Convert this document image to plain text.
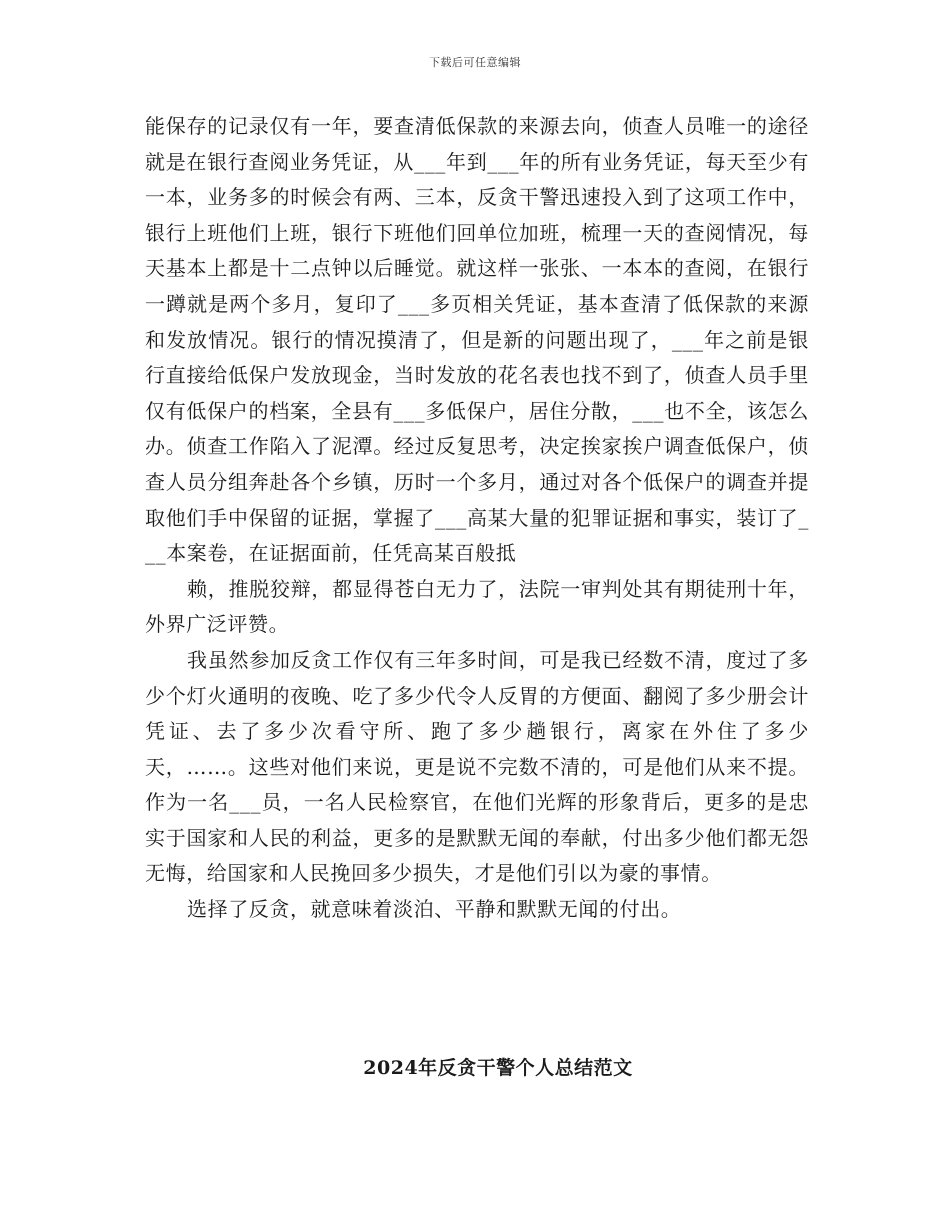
下载后可任意编辑

能保存的记录仅有一年，要查清低保款的来源去向，侦查人员唯一的途径就是在银行查阅业务凭证，从___年到___年的所有业务凭证，每天至少有一本，业务多的时候会有两、三本，反贪干警迅速投入到了这项工作中，银行上班他们上班，银行下班他们回单位加班，梳理一天的查阅情况，每天基本上都是十二点钟以后睡觉。就这样一张张、一本本的查阅，在银行一蹲就是两个多月，复印了___多页相关凭证，基本查清了低保款的来源和发放情况。银行的情况摸清了，但是新的问题出现了，___年之前是银行直接给低保户发放现金，当时发放的花名表也找不到了，侦查人员手里仅有低保户的档案，全县有___多低保户，居住分散，___也不全，该怎么办。侦查工作陷入了泥潭。经过反复思考，决定挨家挨户调查低保户，侦查人员分组奔赴各个乡镇，历时一个多月，通过对各个低保户的调查并提取他们手中保留的证据，掌握了___高某大量的犯罪证据和事实，装订了___本案卷，在证据面前，任凭高某百般抵

赖，推脱狡辩，都显得苍白无力了，法院一审判处其有期徒刑十年，外界广泛评赞。

我虽然参加反贪工作仅有三年多时间，可是我已经数不清，度过了多少个灯火通明的夜晚、吃了多少代令人反胃的方便面、翻阅了多少册会计凭证、去了多少次看守所、跑了多少趟银行，离家在外住了多少天，……。这些对他们来说，更是说不完数不清的，可是他们从来不提。作为一名___员，一名人民检察官，在他们光辉的形象背后，更多的是忠实于国家和人民的利益，更多的是默默无闻的奉献，付出多少他们都无怨无悔，给国家和人民挽回多少损失，才是他们引以为豪的事情。

选择了反贪，就意味着淡泊、平静和默默无闻的付出。

2024年反贪干警个人总结范文
